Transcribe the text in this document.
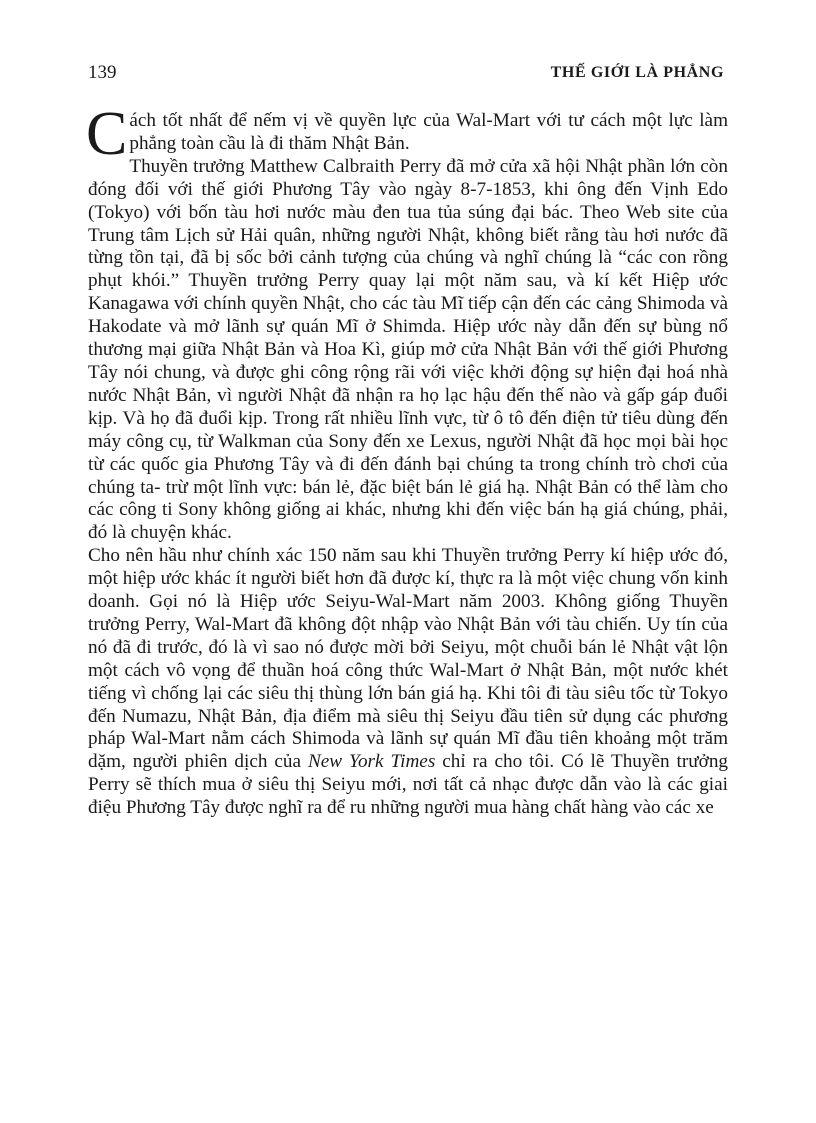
139	THẾ GIỚI LÀ PHẲNG

Cách tốt nhất để nếm vị về quyền lực của Wal-Mart với tư cách một lực làm phẳng toàn cầu là đi thăm Nhật Bản.

Thuyền trưởng Matthew Calbraith Perry đã mở cửa xã hội Nhật phần lớn còn đóng đối với thế giới Phương Tây vào ngày 8-7-1853, khi ông đến Vịnh Edo (Tokyo) với bốn tàu hơi nước màu đen tua tủa súng đại bác. Theo Web site của Trung tâm Lịch sử Hải quân, những người Nhật, không biết rằng tàu hơi nước đã từng tồn tại, đã bị sốc bởi cảnh tượng của chúng và nghĩ chúng là “các con rồng phụt khói.” Thuyền trưởng Perry quay lại một năm sau, và kí kết Hiệp ước Kanagawa với chính quyền Nhật, cho các tàu Mĩ tiếp cận đến các cảng Shimoda và Hakodate và mở lãnh sự quán Mĩ ở Shimda. Hiệp ước này dẫn đến sự bùng nổ thương mại giữa Nhật Bản và Hoa Kì, giúp mở cửa Nhật Bản với thế giới Phương Tây nói chung, và được ghi công rộng rãi với việc khởi động sự hiện đại hoá nhà nước Nhật Bản, vì người Nhật đã nhận ra họ lạc hậu đến thế nào và gấp gáp đuổi kịp. Và họ đã đuổi kịp. Trong rất nhiều lĩnh vực, từ ô tô đến điện tử tiêu dùng đến máy công cụ, từ Walkman của Sony đến xe Lexus, người Nhật đã học mọi bài học từ các quốc gia Phương Tây và đi đến đánh bại chúng ta trong chính trò chơi của chúng ta- trừ một lĩnh vực: bán lẻ, đặc biệt bán lẻ giá hạ. Nhật Bản có thể làm cho các công ti Sony không giống ai khác, nhưng khi đến việc bán hạ giá chúng, phải, đó là chuyện khác.

Cho nên hầu như chính xác 150 năm sau khi Thuyền trưởng Perry kí hiệp ước đó, một hiệp ước khác ít người biết hơn đã được kí, thực ra là một việc chung vốn kinh doanh. Gọi nó là Hiệp ước Seiyu-Wal-Mart năm 2003. Không giống Thuyền trưởng Perry, Wal-Mart đã không đột nhập vào Nhật Bản với tàu chiến. Uy tín của nó đã đi trước, đó là vì sao nó được mời bởi Seiyu, một chuỗi bán lẻ Nhật vật lộn một cách vô vọng để thuần hoá công thức Wal-Mart ở Nhật Bản, một nước khét tiếng vì chống lại các siêu thị thùng lớn bán giá hạ. Khi tôi đi tàu siêu tốc từ Tokyo đến Numazu, Nhật Bản, địa điểm mà siêu thị Seiyu đầu tiên sử dụng các phương pháp Wal-Mart nằm cách Shimoda và lãnh sự quán Mĩ đầu tiên khoảng một trăm dặm, người phiên dịch của New York Times chỉ ra cho tôi. Có lẽ Thuyền trưởng Perry sẽ thích mua ở siêu thị Seiyu mới, nơi tất cả nhạc được dẫn vào là các giai điệu Phương Tây được nghĩ ra để ru những người mua hàng chất hàng vào các xe
